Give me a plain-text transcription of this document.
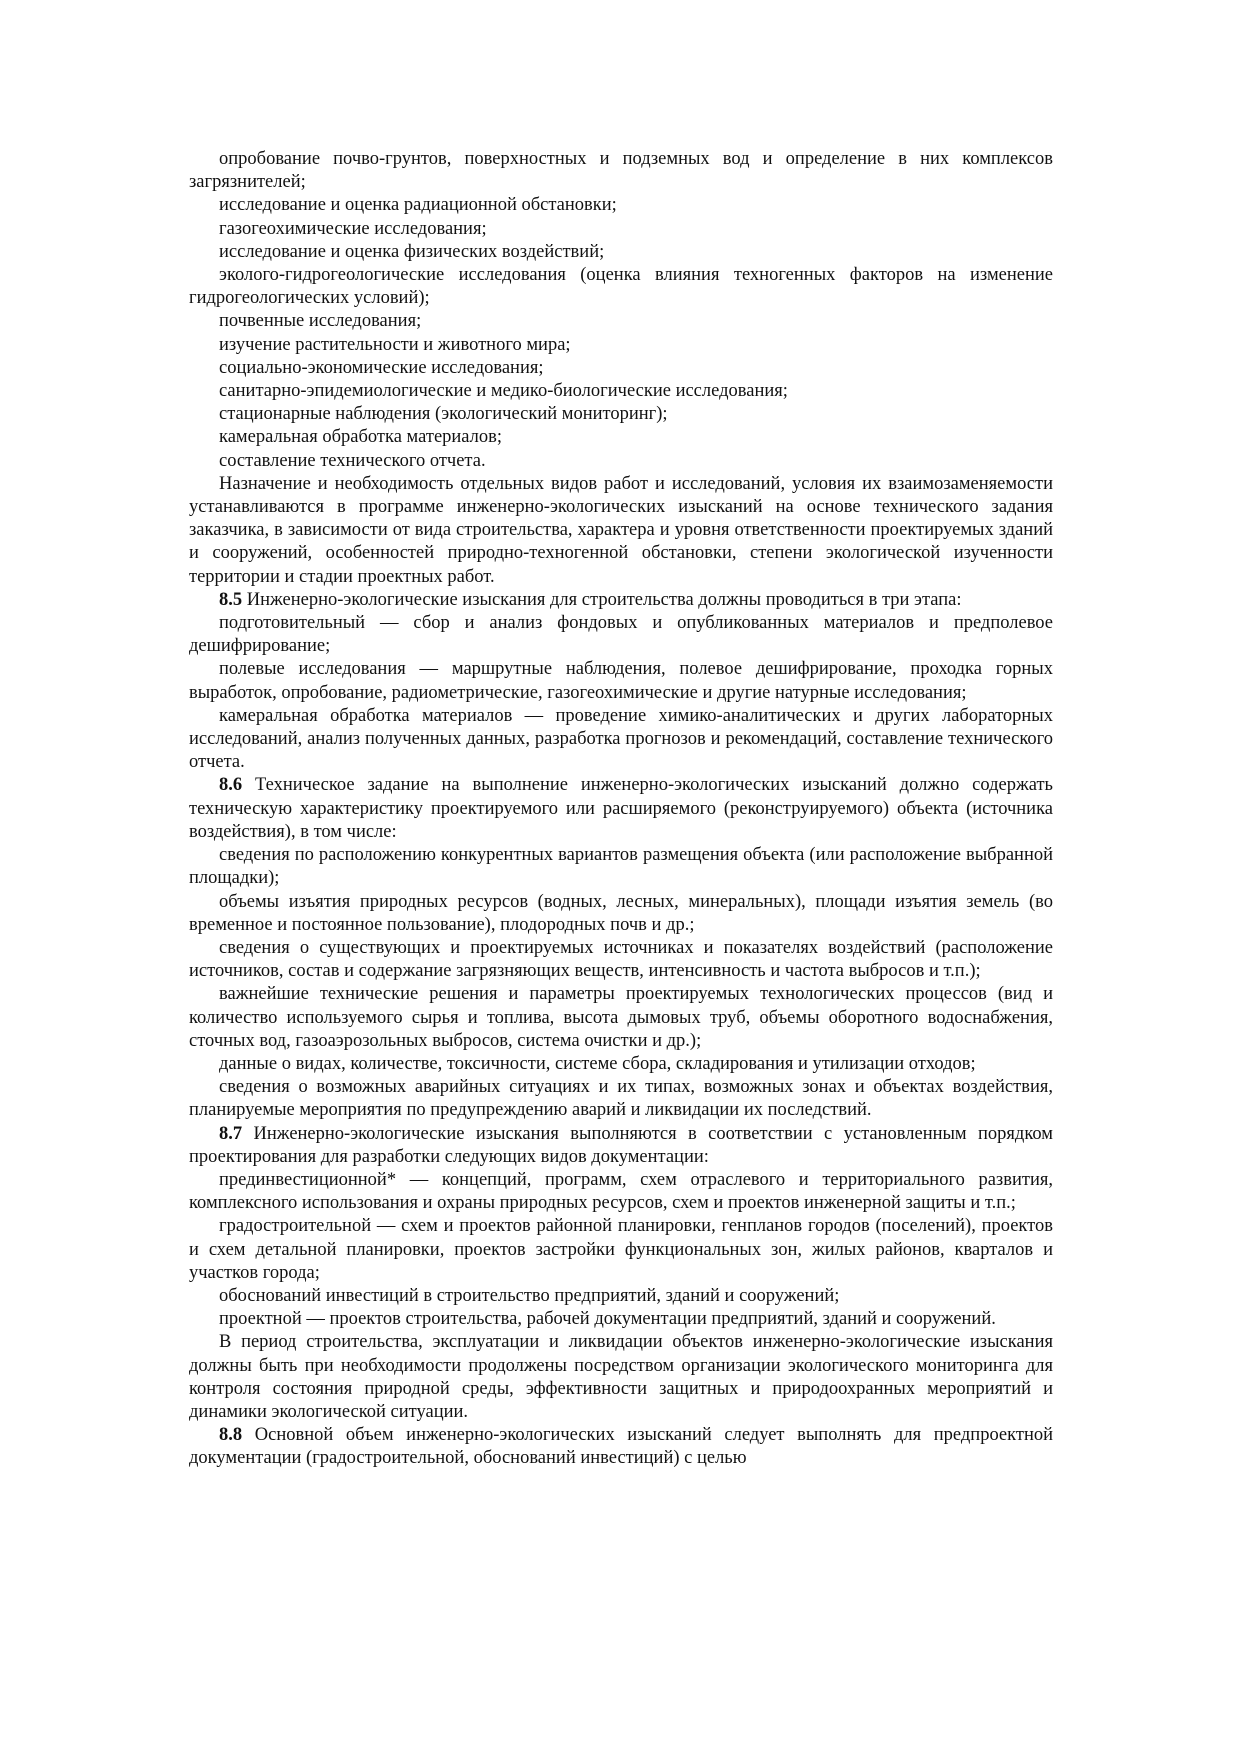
опробование почво-грунтов, поверхностных и подземных вод и определение в них комплексов загрязнителей;

исследование и оценка радиационной обстановки;

газогеохимические исследования;

исследование и оценка физических воздействий;

эколого-гидрогеологические исследования (оценка влияния техногенных факторов на изменение гидрогеологических условий);

почвенные исследования;

изучение растительности и животного мира;

социально-экономические исследования;

санитарно-эпидемиологические и медико-биологические исследования;

стационарные наблюдения (экологический мониторинг);

камеральная обработка материалов;

составление технического отчета.

Назначение и необходимость отдельных видов работ и исследований, условия их взаимозаменяемости устанавливаются в программе инженерно-экологических изысканий на основе технического задания заказчика, в зависимости от вида строительства, характера и уровня ответственности проектируемых зданий и сооружений, особенностей природно-техногенной обстановки, степени экологической изученности территории и стадии проектных работ.

8.5 Инженерно-экологические изыскания для строительства должны проводиться в три этапа:

подготовительный — сбор и анализ фондовых и опубликованных материалов и предполевое дешифрирование;

полевые исследования — маршрутные наблюдения, полевое дешифрирование, проходка горных выработок, опробование, радиометрические, газогеохимические и другие натурные исследования;

камеральная обработка материалов — проведение химико-аналитических и других лабораторных исследований, анализ полученных данных, разработка прогнозов и рекомендаций, составление технического отчета.

8.6 Техническое задание на выполнение инженерно-экологических изысканий должно содержать техническую характеристику проектируемого или расширяемого (реконструируемого) объекта (источника воздействия), в том числе:

сведения по расположению конкурентных вариантов размещения объекта (или расположение выбранной площадки);

объемы изъятия природных ресурсов (водных, лесных, минеральных), площади изъятия земель (во временное и постоянное пользование), плодородных почв и др.;

сведения о существующих и проектируемых источниках и показателях воздействий (расположение источников, состав и содержание загрязняющих веществ, интенсивность и частота выбросов и т.п.);

важнейшие технические решения и параметры проектируемых технологических процессов (вид и количество используемого сырья и топлива, высота дымовых труб, объемы оборотного водоснабжения, сточных вод, газоаэрозольных выбросов, система очистки и др.);

данные о видах, количестве, токсичности, системе сбора, складирования и утилизации отходов;

сведения о возможных аварийных ситуациях и их типах, возможных зонах и объектах воздействия, планируемые мероприятия по предупреждению аварий и ликвидации их последствий.

8.7 Инженерно-экологические изыскания выполняются в соответствии с установленным порядком проектирования для разработки следующих видов документации:

прединвестиционной* — концепций, программ, схем отраслевого и территориального развития, комплексного использования и охраны природных ресурсов, схем и проектов инженерной защиты и т.п.;

градостроительной — схем и проектов районной планировки, генпланов городов (поселений), проектов и схем детальной планировки, проектов застройки функциональных зон, жилых районов, кварталов и участков города;

обоснований инвестиций в строительство предприятий, зданий и сооружений;

проектной — проектов строительства, рабочей документации предприятий, зданий и сооружений.

В период строительства, эксплуатации и ликвидации объектов инженерно-экологические изыскания должны быть при необходимости продолжены посредством организации экологического мониторинга для контроля состояния природной среды, эффективности защитных и природоохранных мероприятий и динамики экологической ситуации.

8.8 Основной объем инженерно-экологических изысканий следует выполнять для предпроектной документации (градостроительной, обоснований инвестиций) с целью
